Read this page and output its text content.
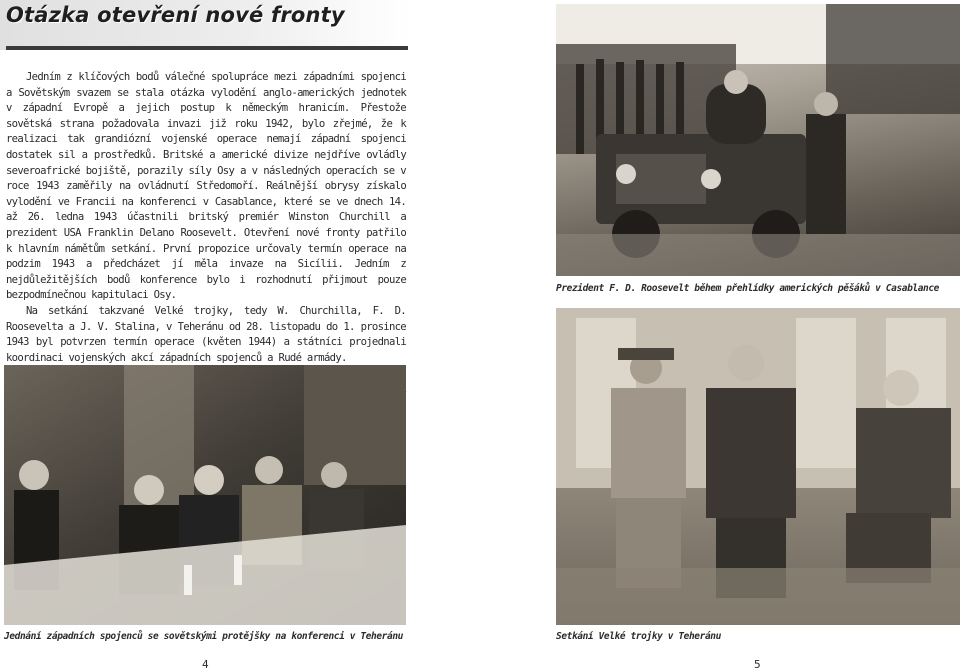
Otázka otevření nové fronty

Jedním z klíčových bodů válečné spolupráce mezi západními spojenci a Sovětským svazem se stala otázka vylodění anglo-amerických jednotek v západní Evropě a jejich postup k německým hranicím. Přestože sovětská strana požadovala invazi již roku 1942, bylo zřejmé, že k realizaci tak grandiózní vojenské operace nemají západní spojenci dostatek sil a prostředků. Britské a americké divize nejdříve ovládly severoafrické bojiště, porazily síly Osy a v následných operacích se v roce 1943 zaměřily na ovládnutí Středomoří. Reálnější obrysy získalo vylodění ve Francii na konferenci v Casablance, které se ve dnech 14. až 26. ledna 1943 účastnili britský premiér Winston Churchill a prezident USA Franklin Delano Roosevelt. Otevření nové fronty patřilo k hlavním námětům setkání. První propozice určovaly termín operace na podzim 1943 a předcházet jí měla invaze na Sicílii. Jedním z nejdůležitějších bodů konference bylo i rozhodnutí přijmout pouze bezpodmínečnou kapitulaci Osy.

Na setkání takzvané Velké trojky, tedy W. Churchilla, F. D. Roosevelta a J. V. Stalina, v Teheránu od 28. listopadu do 1. prosince 1943 byl potvrzen termín operace (květen 1944) a státníci projednali koordinaci vojenských akcí západních spojenců a Rudé armády.

Prezident F. D. Roosevelt během přehlídky amerických pěšáků v Casablance
Jednání západních spojenců se sovětskými protějšky na konferenci v Teheránu	Setkání Velké trojky v Teheránu
4	5
